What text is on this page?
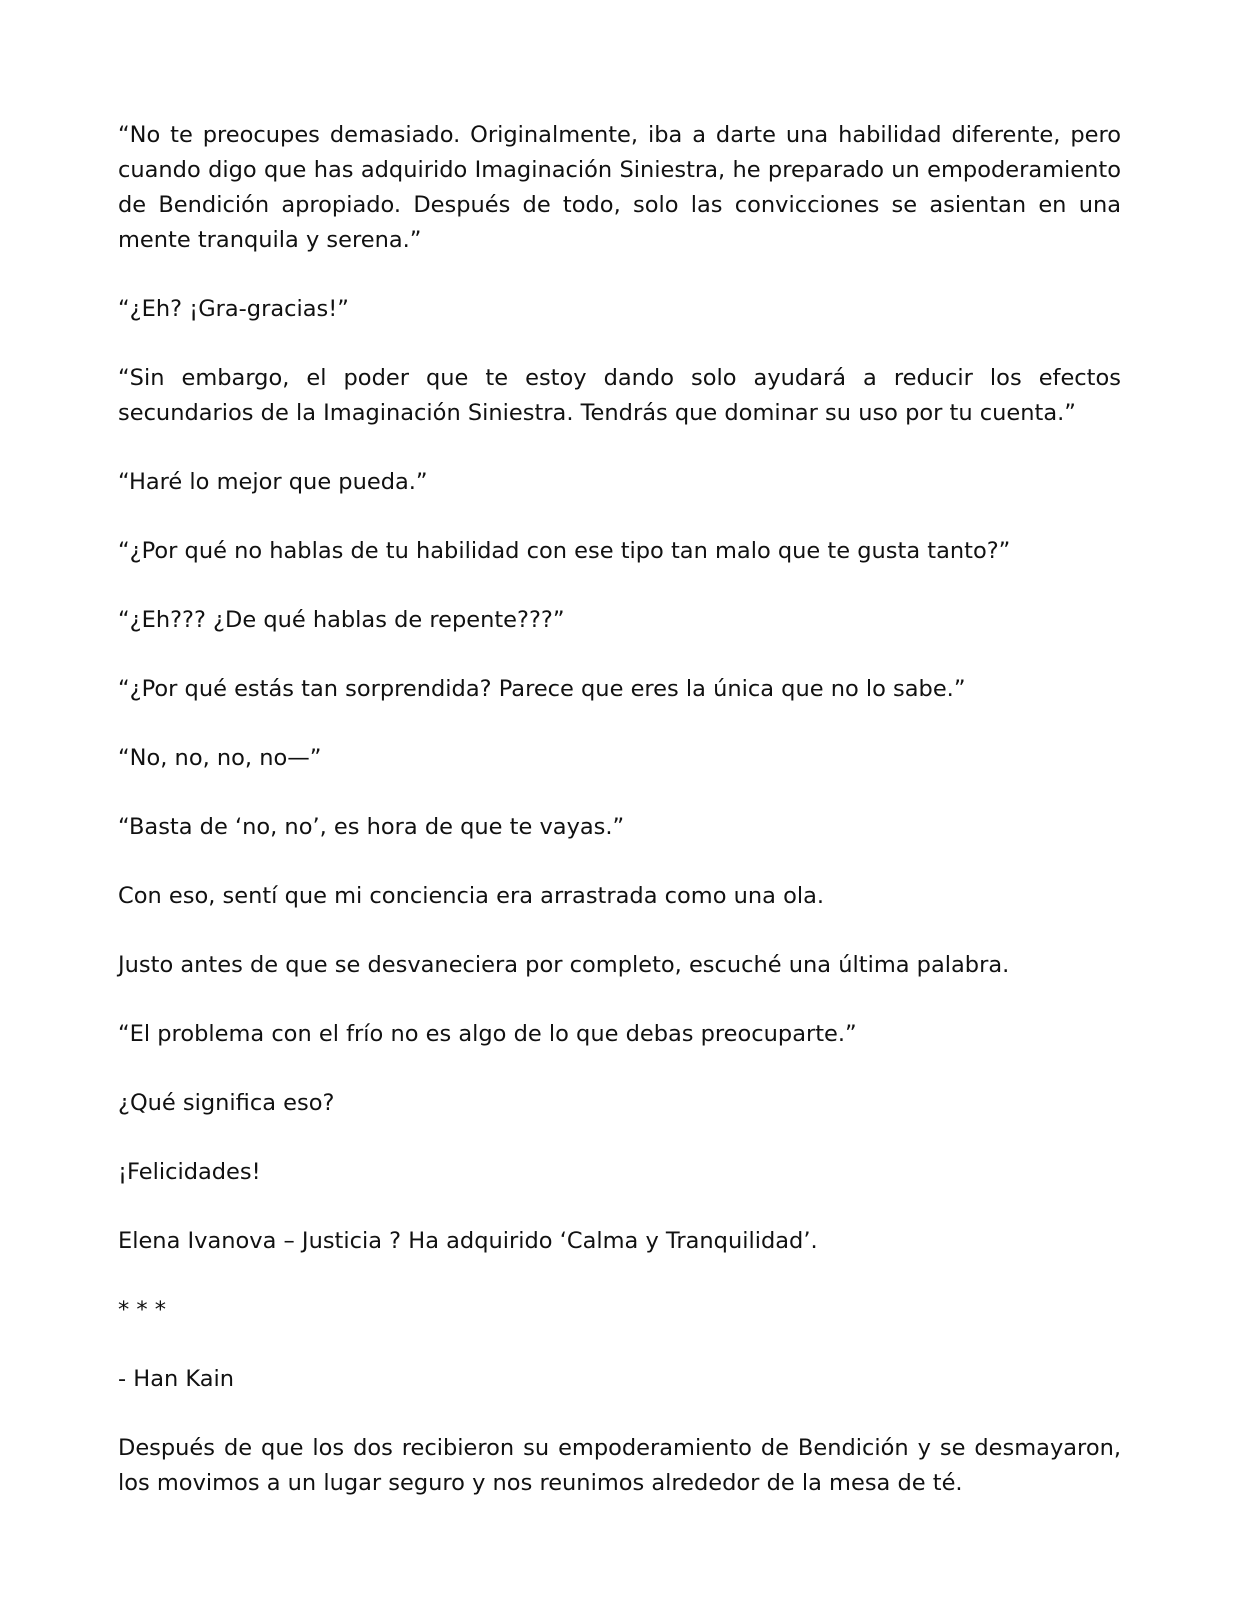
“No te preocupes demasiado. Originalmente, iba a darte una habilidad diferente, pero cuando digo que has adquirido Imaginación Siniestra, he preparado un empoderamiento de Bendición apropiado. Después de todo, solo las convicciones se asientan en una mente tranquila y serena.”

“¿Eh? ¡Gra-gracias!”

“Sin embargo, el poder que te estoy dando solo ayudará a reducir los efectos secundarios de la Imaginación Siniestra. Tendrás que dominar su uso por tu cuenta.”

“Haré lo mejor que pueda.”

“¿Por qué no hablas de tu habilidad con ese tipo tan malo que te gusta tanto?”

“¿Eh??? ¿De qué hablas de repente???”

“¿Por qué estás tan sorprendida? Parece que eres la única que no lo sabe.”

“No, no, no, no—”

“Basta de ‘no, no’, es hora de que te vayas.”

Con eso, sentí que mi conciencia era arrastrada como una ola.

Justo antes de que se desvaneciera por completo, escuché una última palabra.

“El problema con el frío no es algo de lo que debas preocuparte.”

¿Qué significa eso?

¡Felicidades!

Elena Ivanova – Justicia ? Ha adquirido ‘Calma y Tranquilidad’.

* * *

- Han Kain

Después de que los dos recibieron su empoderamiento de Bendición y se desmayaron, los movimos a un lugar seguro y nos reunimos alrededor de la mesa de té.
